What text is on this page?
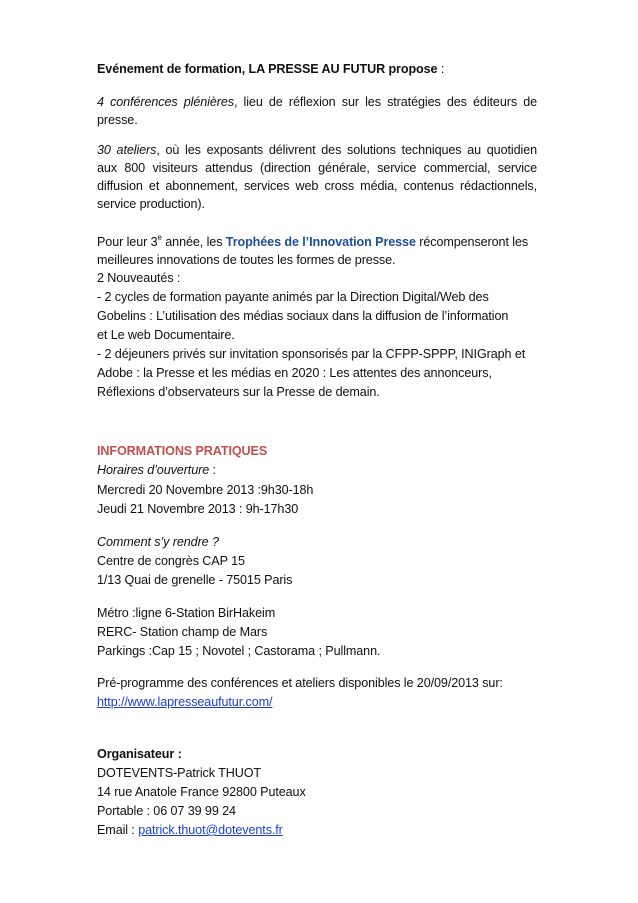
Evénement de formation, LA PRESSE AU FUTUR propose :
4 conférences plénières, lieu de réflexion sur les stratégies des éditeurs de
presse.
30 ateliers, où les exposants délivrent des solutions techniques au quotidien
aux 800 visiteurs attendus (direction générale, service commercial, service
diffusion et abonnement, services web cross média, contenus rédactionnels,
service production).
Pour leur 3e année, les Trophées de l’Innovation Presse récompenseront les
meilleures innovations de toutes les formes de presse.
2 Nouveautés :
- 2 cycles de formation payante animés par la Direction Digital/Web des
Gobelins : L’utilisation des médias sociaux dans la diffusion de l’information
et Le web Documentaire.
- 2 déjeuners privés sur invitation sponsorisés par la CFPP-SPPP, INIGraph et
Adobe : la Presse et les médias en 2020 : Les attentes des annonceurs,
Réflexions d’observateurs sur la Presse de demain.
INFORMATIONS PRATIQUES
Horaires d’ouverture :
Mercredi 20 Novembre 2013 :9h30-18h
Jeudi 21 Novembre 2013 : 9h-17h30
Comment s’y rendre ?
Centre de congrès CAP 15
1/13 Quai de grenelle - 75015 Paris
Métro :ligne 6-Station BirHakeim
RERC- Station champ de Mars
Parkings :Cap 15 ; Novotel ; Castorama ; Pullmann.
Pré-programme des conférences et ateliers disponibles le 20/09/2013 sur:
http://www.lapresseaufutur.com/
Organisateur :
DOTEVENTS-Patrick THUOT
14 rue Anatole France 92800 Puteaux
Portable : 06 07 39 99 24
Email : patrick.thuot@dotevents.fr
